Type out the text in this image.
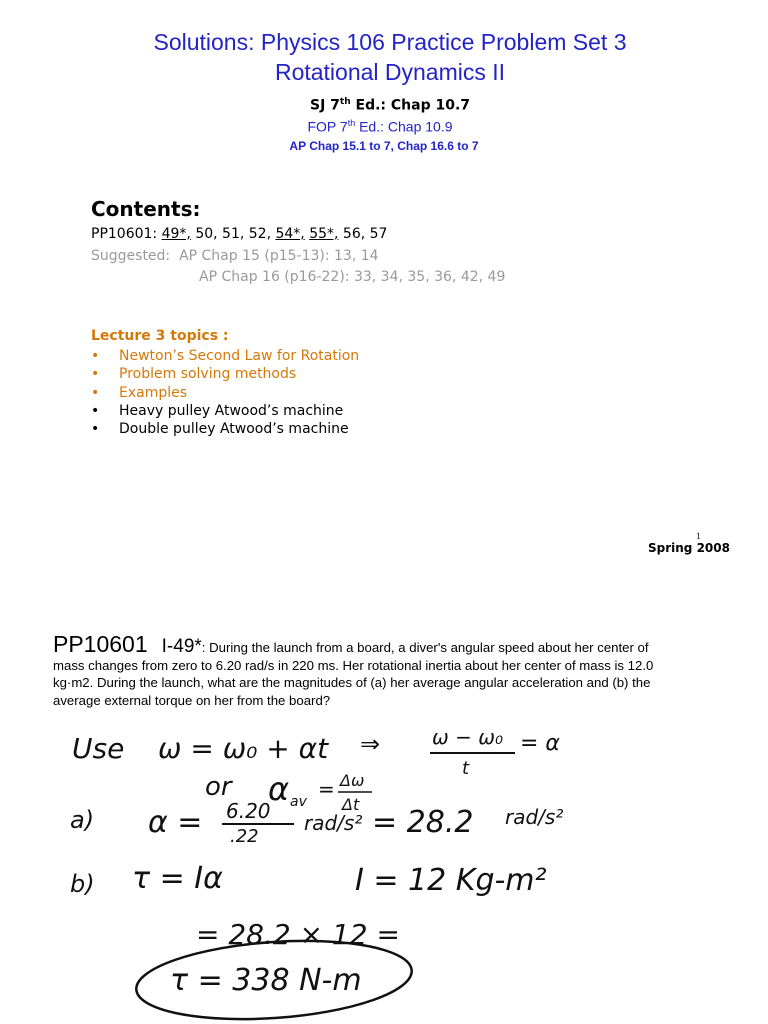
Solutions: Physics 106 Practice Problem Set 3
Rotational Dynamics II
SJ 7th Ed.: Chap 10.7
FOP 7th Ed.: Chap 10.9
AP Chap 15.1 to 7, Chap 16.6 to 7
Contents:
PP10601: 49*, 50, 51, 52, 54*, 55*, 56, 57
Suggested: AP Chap 15 (p15-13): 13, 14
AP Chap 16 (p16-22): 33, 34, 35, 36, 42, 49
Lecture 3 topics :
• Newton’s Second Law for Rotation
• Problem solving methods
• Examples
• Heavy pulley Atwood’s machine
• Double pulley Atwood’s machine
1
Spring 2008
PP10601 I-49*: During the launch from a board, a diver's angular speed about her center of
mass changes from zero to 6.20 rad/s in 220 ms. Her rotational inertia about her center of mass is 12.0
kg·m2. During the launch, what are the magnitudes of (a) her average angular acceleration and (b) the
average external torque on her from the board?
Use ω = ω₀ + αt ⇒	ω − ω₀
t
= α
or α av
= Δω
Δt
a) α = 6.20
.22
rad/s² = 28.2 rad/s²
b) τ = Iα	I = 12 Kg-m²
= 28.2 × 12 =
τ = 338 N-m
